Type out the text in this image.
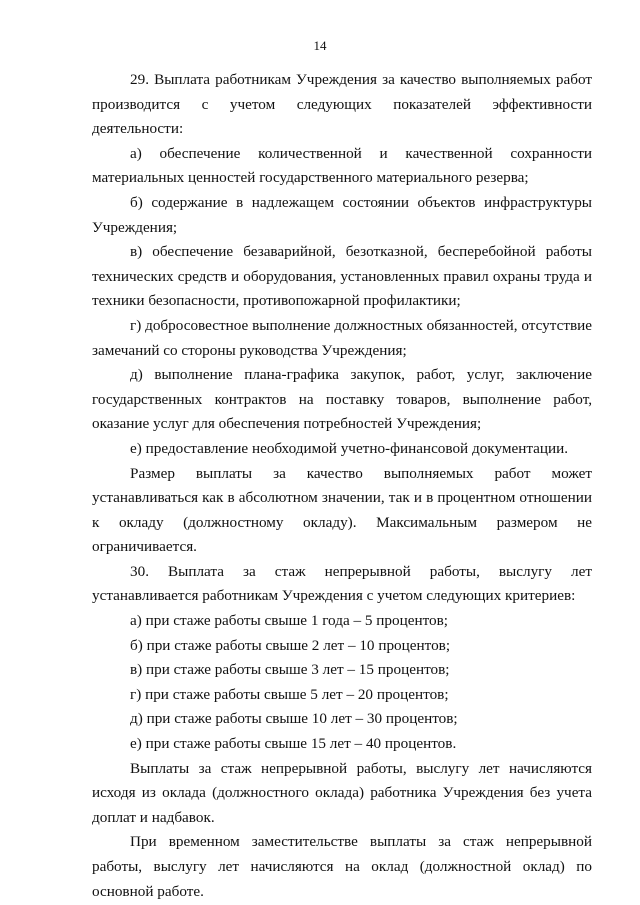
14

29. Выплата работникам Учреждения за качество выполняемых работ производится с учетом следующих показателей эффективности деятельности:

а) обеспечение количественной и качественной сохранности материальных ценностей государственного материального резерва;

б) содержание в надлежащем состоянии объектов инфраструктуры Учреждения;

в) обеспечение безаварийной, безотказной, бесперебойной работы технических средств и оборудования, установленных правил охраны труда и техники безопасности, противопожарной профилактики;

г) добросовестное выполнение должностных обязанностей, отсутствие замечаний со стороны руководства Учреждения;

д) выполнение плана-графика закупок, работ, услуг, заключение государственных контрактов на поставку товаров, выполнение работ, оказание услуг для обеспечения потребностей Учреждения;

е) предоставление необходимой учетно-финансовой документации.

Размер выплаты за качество выполняемых работ может устанавливаться как в абсолютном значении, так и в процентном отношении к окладу (должностному окладу). Максимальным размером не ограничивается.

30. Выплата за стаж непрерывной работы, выслугу лет устанавливается работникам Учреждения с учетом следующих критериев:

а) при стаже работы свыше 1 года – 5 процентов;

б) при стаже работы свыше 2 лет – 10 процентов;

в) при стаже работы свыше 3 лет – 15 процентов;

г) при стаже работы свыше 5 лет – 20 процентов;

д) при стаже работы свыше 10 лет – 30 процентов;

е) при стаже работы свыше 15 лет – 40 процентов.

Выплаты за стаж непрерывной работы, выслугу лет начисляются исходя из оклада (должностного оклада) работника Учреждения без учета доплат и надбавок.

При временном заместительстве выплаты за стаж непрерывной работы, выслугу лет начисляются на оклад (должностной оклад) по основной работе.
